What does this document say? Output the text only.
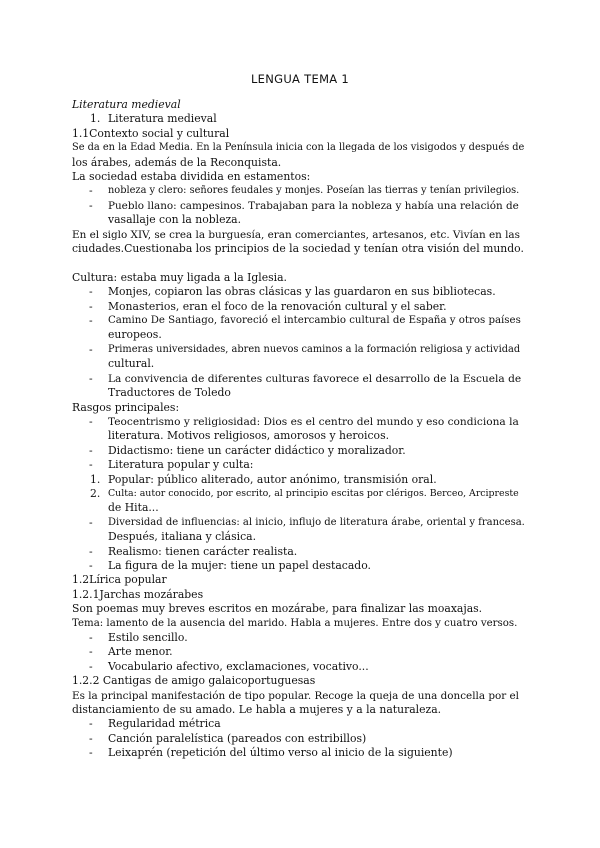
LENGUA TEMA 1
Literatura medieval
1. Literatura medieval
1.1Contexto social y cultural
Se da en la Edad Media. En la Península inicia con la llegada de los visigodos y después de
los árabes, además de la Reconquista.
La sociedad estaba dividida en estamentos:
- nobleza y clero: señores feudales y monjes. Poseían las tierras y tenían privilegios.
- Pueblo llano: campesinos. Trabajaban para la nobleza y había una relación de
vasallaje con la nobleza.
En el siglo XIV, se crea la burguesía, eran comerciantes, artesanos, etc. Vivían en las
ciudades.Cuestionaba los principios de la sociedad y tenían otra visión del mundo.
Cultura: estaba muy ligada a la Iglesia.
- Monjes, copiaron las obras clásicas y las guardaron en sus bibliotecas.
- Monasterios, eran el foco de la renovación cultural y el saber.
- Camino De Santiago, favoreció el intercambio cultural de España y otros países
europeos.
- Primeras universidades, abren nuevos caminos a la formación religiosa y actividad
cultural.
- La convivencia de diferentes culturas favorece el desarrollo de la Escuela de
Traductores de Toledo
Rasgos principales:
- Teocentrismo y religiosidad: Dios es el centro del mundo y eso condiciona la
literatura. Motivos religiosos, amorosos y heroicos.
- Didactismo: tiene un carácter didáctico y moralizador.
- Literatura popular y culta:
1. Popular: público aliterado, autor anónimo, transmisión oral.
2. Culta: autor conocido, por escrito, al principio escitas por clérigos. Berceo, Arcipreste
de Hita...
- Diversidad de influencias: al inicio, influjo de literatura árabe, oriental y francesa.
Después, italiana y clásica.
- Realismo: tienen carácter realista.
- La figura de la mujer: tiene un papel destacado.
1.2Lírica popular
1.2.1Jarchas mozárabes
Son poemas muy breves escritos en mozárabe, para finalizar las moaxajas.
Tema: lamento de la ausencia del marido. Habla a mujeres. Entre dos y cuatro versos.
- Estilo sencillo.
- Arte menor.
- Vocabulario afectivo, exclamaciones, vocativo...
1.2.2 Cantigas de amigo galaicoportuguesas
Es la principal manifestación de tipo popular. Recoge la queja de una doncella por el
distanciamiento de su amado. Le habla a mujeres y a la naturaleza.
- Regularidad métrica
- Canción paralelística (pareados con estribillos)
- Leixaprén (repetición del último verso al inicio de la siguiente)
